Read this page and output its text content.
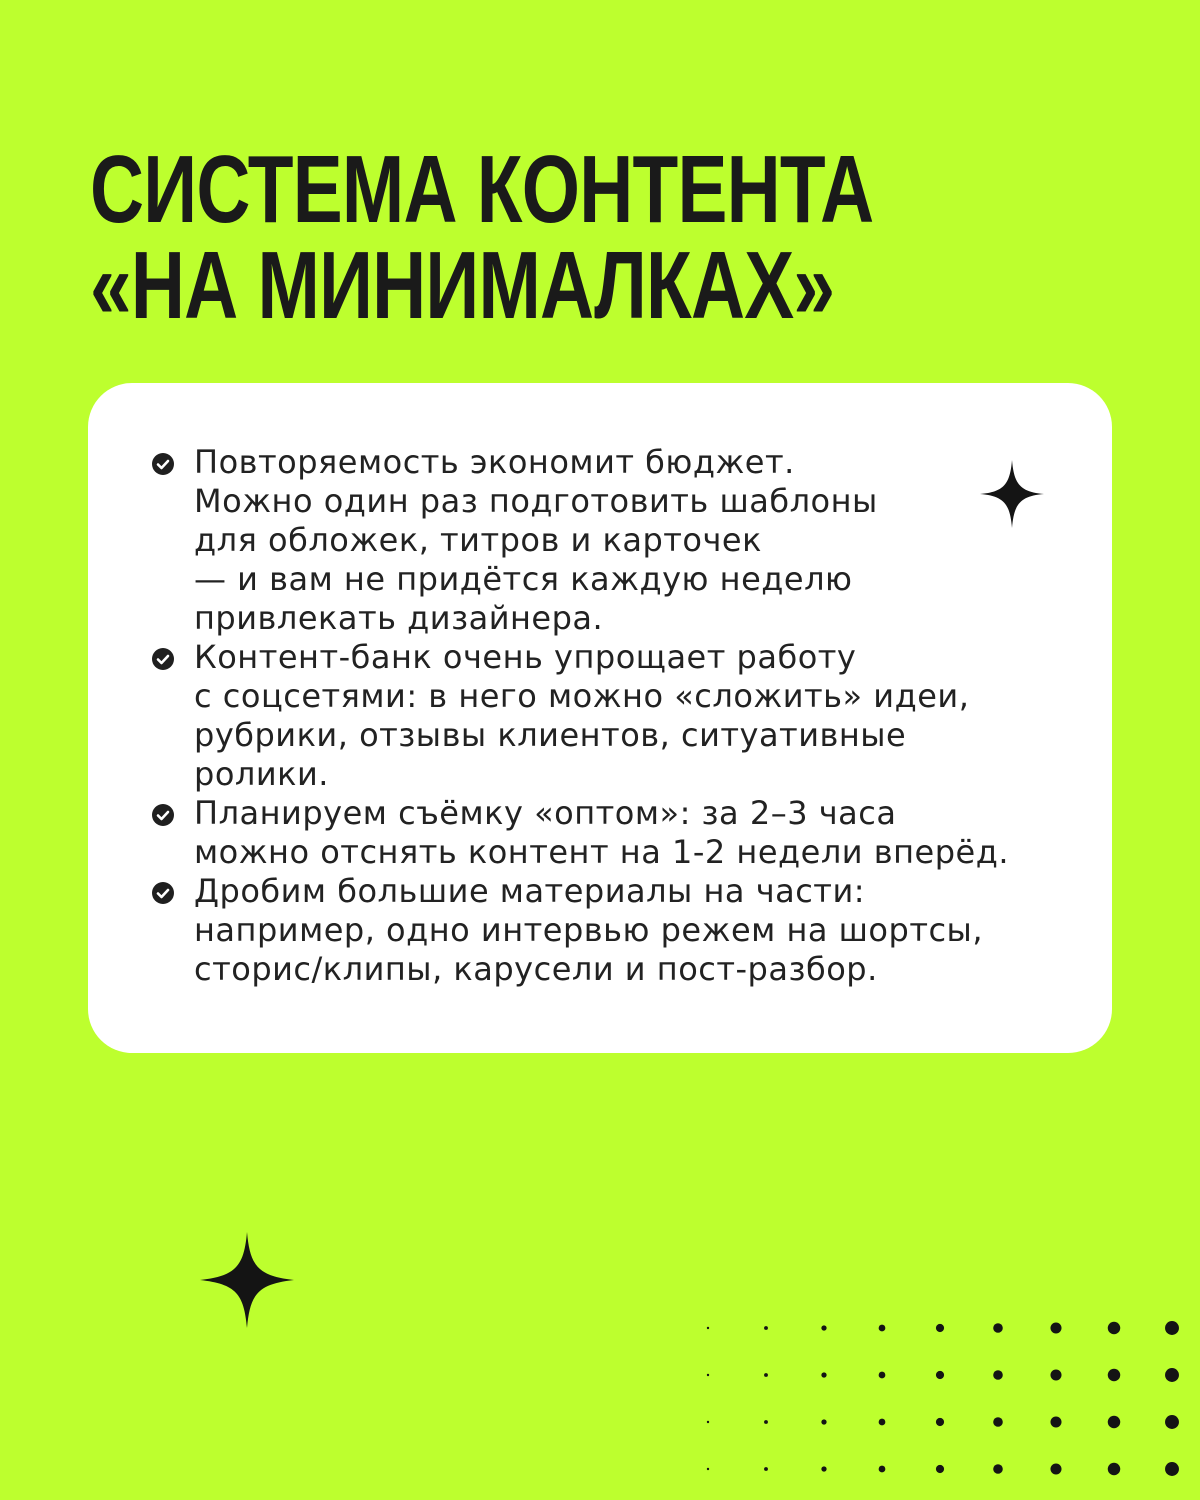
СИСТЕМА КОНТЕНТА
«НА МИНИМАЛКАХ»
Повторяемость экономит бюджет.
Можно один раз подготовить шаблоны
для обложек, титров и карточек
— и вам не придётся каждую неделю
привлекать дизайнера.
Контент-банк очень упрощает работу
с соцсетями: в него можно «сложить» идеи,
рубрики, отзывы клиентов, ситуативные
ролики.
Планируем съёмку «оптом»: за 2–3 часа
можно отснять контент на 1-2 недели вперёд.
Дробим большие материалы на части:
например, одно интервью режем на шортсы,
сторис/клипы, карусели и пост-разбор.
